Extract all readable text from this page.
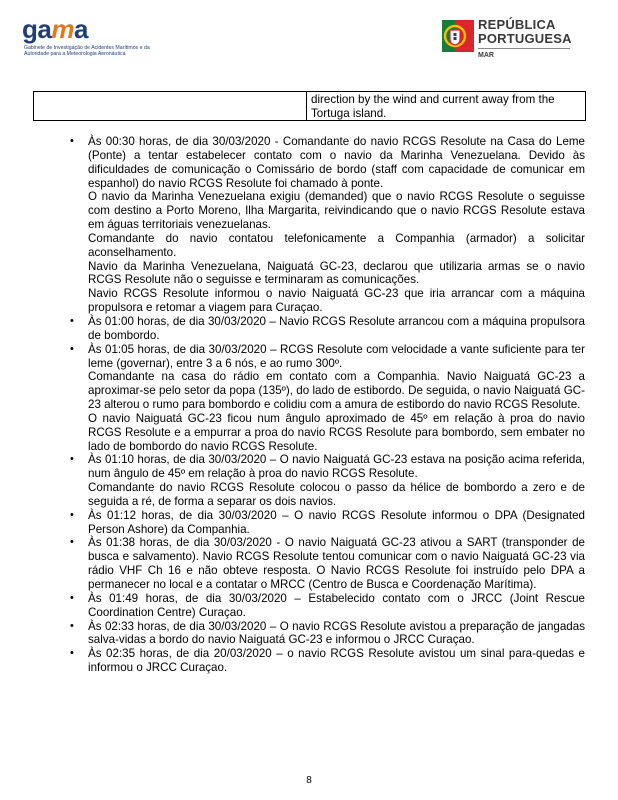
gama
Gabinete de Investigação de Acidentes Marítimos e da Autoridade para a Meteorologia Aeronáutica
REPÚBLICA
PORTUGUESA
MAR
direction by the wind and current away from the Tortuga island.
• Às 00:30 horas, de dia 30/03/2020 - Comandante do navio RCGS Resolute na Casa do Leme (Ponte) a tentar estabelecer contato com o navio da Marinha Venezuelana. Devido às dificuldades de comunicação o Comissário de bordo (staff com capacidade de comunicar em espanhol) do navio RCGS Resolute foi chamado à ponte.

O navio da Marinha Venezuelana exigiu (demanded) que o navio RCGS Resolute o seguisse com destino a Porto Moreno, Ilha Margarita, reivindicando que o navio RCGS Resolute estava em águas territoriais venezuelanas.

Comandante do navio contatou telefonicamente a Companhia (armador) a solicitar aconselhamento.

Navio da Marinha Venezuelana, Naiguatá GC-23, declarou que utilizaria armas se o navio RCGS Resolute não o seguisse e terminaram as comunicações.

Navio RCGS Resolute informou o navio Naiguatá GC-23 que iria arrancar com a máquina propulsora e retomar a viagem para Curaçao.

• Às 01:00 horas, de dia 30/03/2020 – Navio RCGS Resolute arrancou com a máquina propulsora de bombordo.

• Às 01:05 horas, de dia 30/03/2020 – RCGS Resolute com velocidade a vante suficiente para ter leme (governar), entre 3 a 6 nós, e ao rumo 300º.

Comandante na casa do rádio em contato com a Companhia. Navio Naiguatá GC-23 a aproximar-se pelo setor da popa (135º), do lado de estibordo. De seguida, o navio Naiguatá GC-23 alterou o rumo para bombordo e colidiu com a amura de estibordo do navio RCGS Resolute.

O navio Naiguatá GC-23 ficou num ângulo aproximado de 45º em relação à proa do navio RCGS Resolute e a empurrar a proa do navio RCGS Resolute para bombordo, sem embater no lado de bombordo do navio RCGS Resolute.

• Às 01:10 horas, de dia 30/03/2020 – O navio Naiguatá GC-23 estava na posição acima referida, num ângulo de 45º em relação à proa do navio RCGS Resolute.

Comandante do navio RCGS Resolute colocou o passo da hélice de bombordo a zero e de seguida a ré, de forma a separar os dois navios.

• Às 01:12 horas, de dia 30/03/2020 – O navio RCGS Resolute informou o DPA (Designated Person Ashore) da Companhia.

• Às 01:38 horas, de dia 30/03/2020 - O navio Naiguatá GC-23 ativou a SART (transponder de busca e salvamento). Navio RCGS Resolute tentou comunicar com o navio Naiguatá GC-23 via rádio VHF Ch 16 e não obteve resposta. O Navio RCGS Resolute foi instruído pelo DPA a permanecer no local e a contatar o MRCC (Centro de Busca e Coordenação Marítima).

• Às 01:49 horas, de dia 30/03/2020 – Estabelecido contato com o JRCC (Joint Rescue Coordination Centre) Curaçao.

• Às 02:33 horas, de dia 30/03/2020 – O navio RCGS Resolute avistou a preparação de jangadas salva-vidas a bordo do navio Naiguatá GC-23 e informou o JRCC Curaçao.

• Às 02:35 horas, de dia 20/03/2020 – o navio RCGS Resolute avistou um sinal para-quedas e informou o JRCC Curaçao.

8
